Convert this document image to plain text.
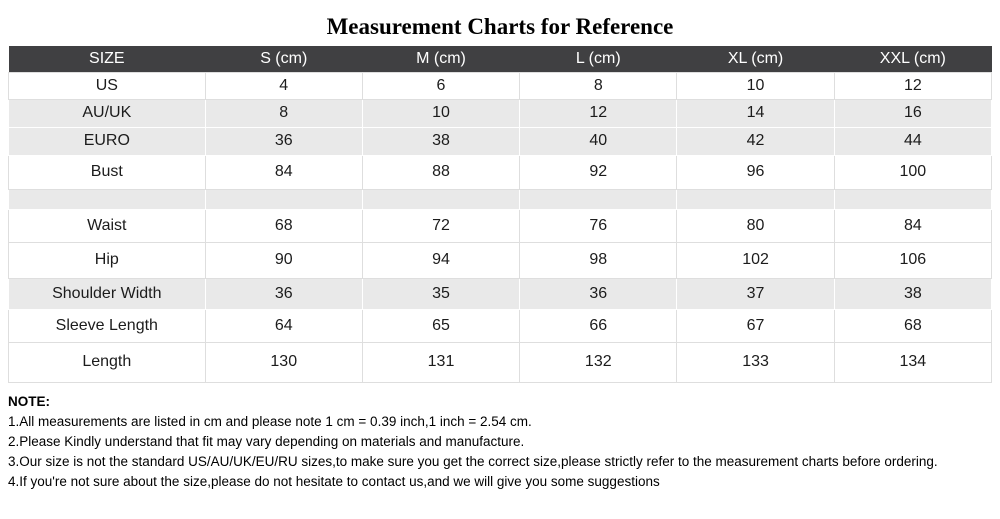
Measurement Charts for Reference
SIZE	S (cm)	M (cm)	L (cm)	XL (cm)	XXL (cm)
US	4	6	8	10	12
AU/UK	8	10	12	14	16
EURO	36	38	40	42	44
Bust	84	88	92	96	100

Waist	68	72	76	80	84
Hip	90	94	98	102	106
Shoulder Width	36	35	36	37	38
Sleeve Length	64	65	66	67	68
Length	130	131	132	133	134
NOTE:
1.All measurements are listed in cm and please note 1 cm = 0.39 inch,1 inch = 2.54 cm.
2.Please Kindly understand that fit may vary depending on materials and manufacture.
3.Our size is not the standard US/AU/UK/EU/RU sizes,to make sure you get the correct size,please strictly refer to the measurement charts before ordering.
4.If you're not sure about the size,please do not hesitate to contact us,and we will give you some suggestions
